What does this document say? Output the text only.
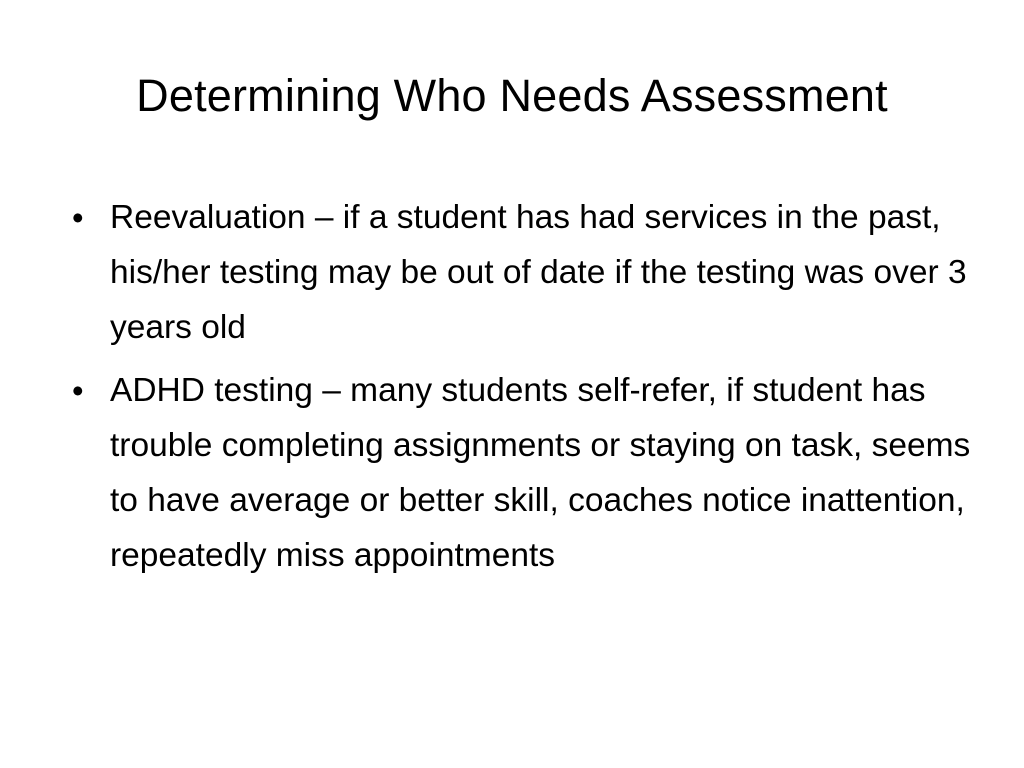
Determining Who Needs Assessment
• Reevaluation – if a student has had services in the past, his/her testing may be out of date if the testing was over 3 years old
• ADHD testing – many students self-refer, if student has trouble completing assignments or staying on task, seems to have average or better skill, coaches notice inattention, repeatedly miss appointments
